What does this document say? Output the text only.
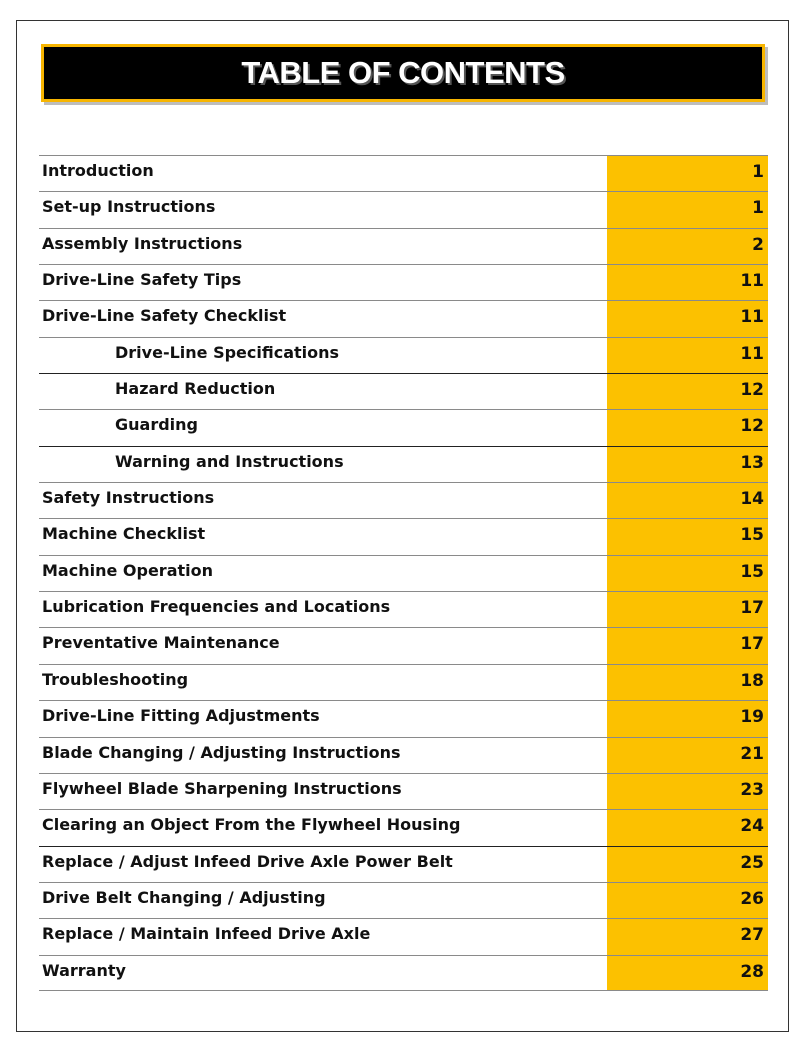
TABLE OF CONTENTS
Introduction	1
Set-up Instructions	1
Assembly Instructions	2
Drive-Line Safety Tips	11
Drive-Line Safety Checklist	11
Drive-Line Specifications	11
Hazard Reduction	12
Guarding	12
Warning and Instructions	13
Safety Instructions	14
Machine Checklist	15
Machine Operation	15
Lubrication Frequencies and Locations	17
Preventative Maintenance	17
Troubleshooting	18
Drive-Line Fitting Adjustments	19
Blade Changing / Adjusting Instructions	21
Flywheel Blade Sharpening Instructions	23
Clearing an Object From the Flywheel Housing	24
Replace / Adjust Infeed Drive Axle Power Belt	25
Drive Belt Changing / Adjusting	26
Replace / Maintain Infeed Drive Axle	27
Warranty	28
